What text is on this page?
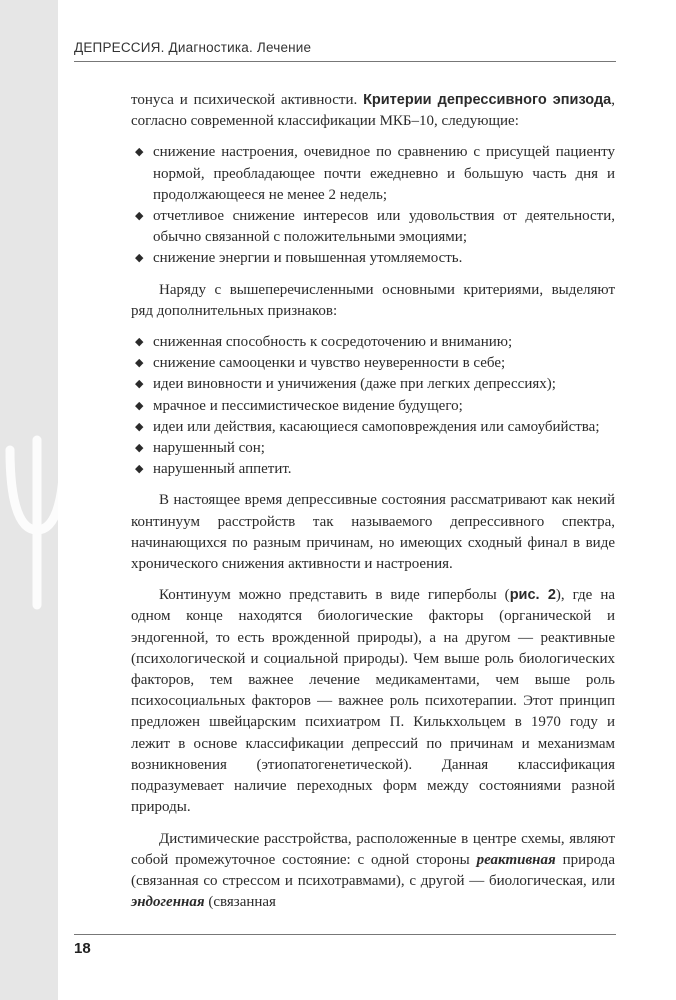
ДЕПРЕССИЯ. Диагностика. Лечение

тонуса и психической активности. Критерии депрессивного эпизода, согласно современной классификации МКБ–10, следующие:

◆ снижение настроения, очевидное по сравнению с присущей пациенту нормой, преобладающее почти ежедневно и большую часть дня и продолжающееся не менее 2 недель;
◆ отчетливое снижение интересов или удовольствия от деятельности, обычно связанной с положительными эмоциями;
◆ снижение энергии и повышенная утомляемость.

Наряду с вышеперечисленными основными критериями, выделяют ряд дополнительных признаков:

◆ сниженная способность к сосредоточению и вниманию;
◆ снижение самооценки и чувство неуверенности в себе;
◆ идеи виновности и уничижения (даже при легких депрессиях);
◆ мрачное и пессимистическое видение будущего;
◆ идеи или действия, касающиеся самоповреждения или самоубийства;
◆ нарушенный сон;
◆ нарушенный аппетит.

В настоящее время депрессивные состояния рассматривают как некий континуум расстройств так называемого депрессивного спектра, начинающихся по разным причинам, но имеющих сходный финал в виде хронического снижения активности и настроения.

Континуум можно представить в виде гиперболы (рис. 2), где на одном конце находятся биологические факторы (органической и эндогенной, то есть врожденной природы), а на другом — реактивные (психологической и социальной природы). Чем выше роль биологических факторов, тем важнее лечение медикаментами, чем выше роль психосоциальных факторов — важнее роль психотерапии. Этот принцип предложен швейцарским психиатром П. Килькхольцем в 1970 году и лежит в основе классификации депрессий по причинам и механизмам возникновения (этиопатогенетической). Данная классификация подразумевает наличие переходных форм между состояниями разной природы.

Дистимические расстройства, расположенные в центре схемы, являют собой промежуточное состояние: с одной стороны реактивная природа (связанная со стрессом и психотравмами), с другой — биологическая, или эндогенная (связанная

18
